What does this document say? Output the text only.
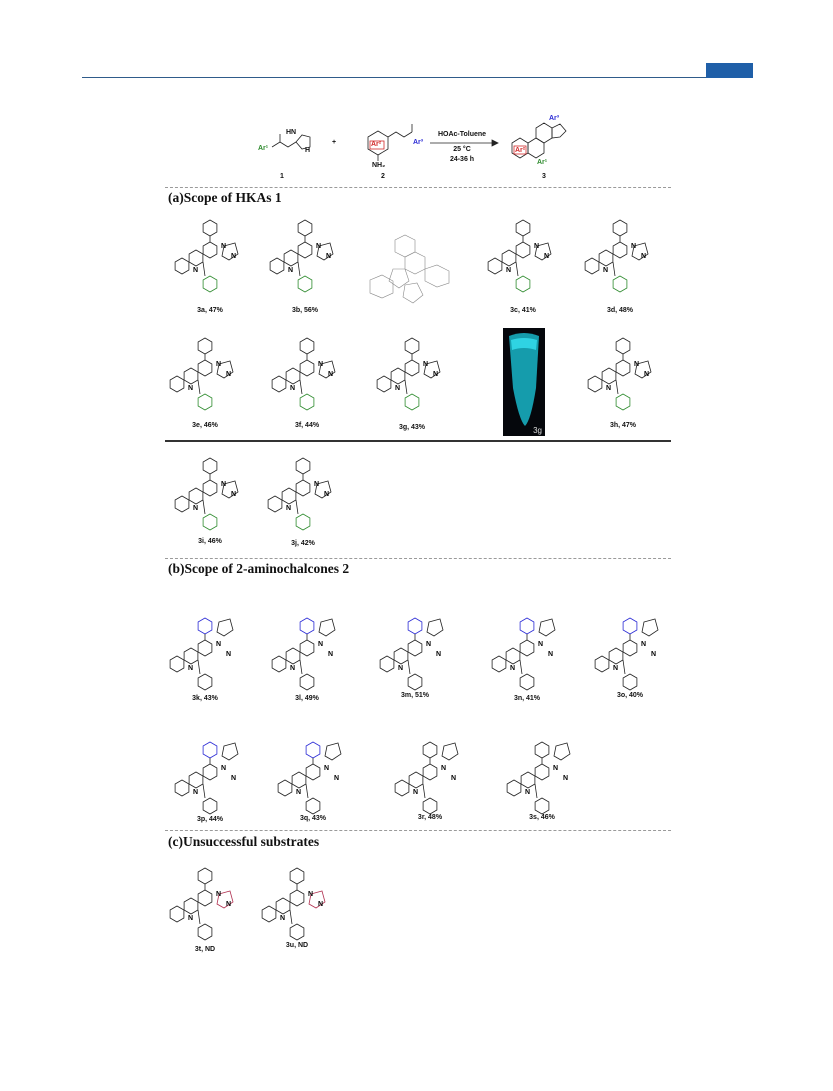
Ar¹
HN
H
1
+	Ar²
NH₂
Ar³
2
HOAc-Toluene
25 °C
24-36 h
Ar³
Ar²
Ar¹
3
(a)Scope of HKAs 1
N
N
N
3a, 47%
N
N
N
3b, 56%
N
N
N
3c, 41%
N
N
N
3d, 48%
N
N
N
3e, 46%
N
N
N
3f, 44%
N
N
N
3g, 43%	3g
N
N
N
3h, 47%
N
N
N
3i, 46%
N
N
N
3j, 42%
(b)Scope of 2-aminochalcones 2
N
N
N
3k, 43%
N
N
N
3l, 49%
N
N
N
3m, 51%
N
N
N
3n, 41%
N
N
N
3o, 40%
N
N
N
3p, 44%
N
N
N
3q, 43%
N
N
N
3r, 48%
N
N
N
3s, 46%
(c)Unsuccessful substrates
N
N
N
3t, ND
N
N
N
3u, ND
